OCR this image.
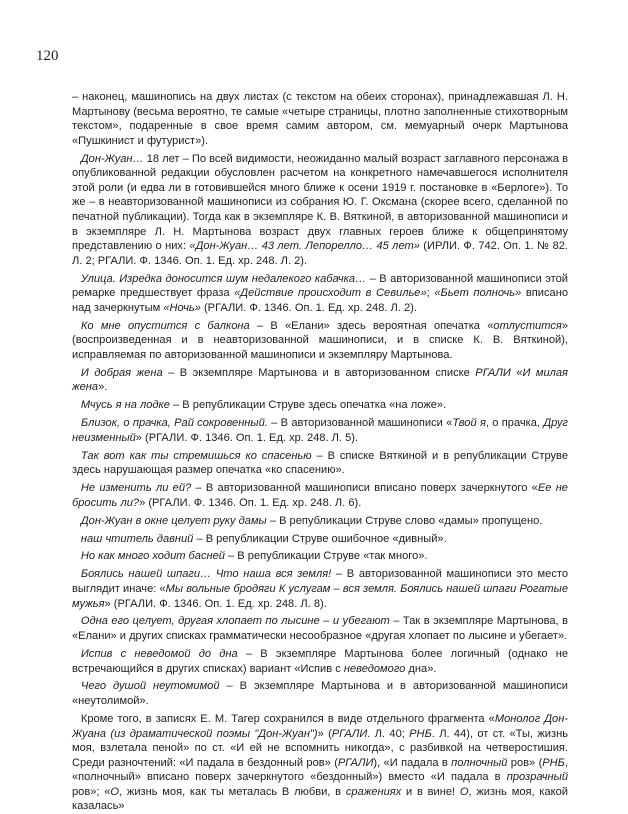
120

– наконец, машинопись на двух листах (с текстом на обеих сторонах), принадлежавшая Л. Н. Мартынову (весьма вероятно, те самые «четыре страницы, плотно заполненные стихотворным текстом», подаренные в свое время самим автором, см. мемуарный очерк Мартынова «Пушкинист и футурист»).

Дон-Жуан… 18 лет – По всей видимости, неожиданно малый возраст заглавного персонажа в опубликованной редакции обусловлен расчетом на конкретного намечавшегося исполнителя этой роли (и едва ли в готовившейся много ближе к осени 1919 г. постановке в «Берлоге»). То же – в неавторизованной машинописи из собрания Ю. Г. Оксмана (скорее всего, сделанной по печатной публикации). Тогда как в экземпляре К. В. Вяткиной, в авторизованной машинописи и в экземпляре Л. Н. Мартынова возраст двух главных героев ближе к общепринятому представлению о них: «Дон-Жуан… 43 лет. Лепорелло… 45 лет» (ИРЛИ. Ф. 742. Оп. 1. № 82. Л. 2; РГАЛИ. Ф. 1346. Оп. 1. Ед. хр. 248. Л. 2).

Улица. Изредка доносится шум недалекого кабачка… – В авторизованной машинописи этой ремарке предшествует фраза «Действие происходит в Севилье»; «Бьет полночь» вписано над зачеркнутым «Ночь» (РГАЛИ. Ф. 1346. Оп. 1. Ед. хр. 248. Л. 2).

Ко мне опустится с балкона – В «Елани» здесь вероятная опечатка «отлустится» (воспроизведенная и в неавторизованной машинописи, и в списке К. В. Вяткиной), исправляемая по авторизованной машинописи и экземпляру Мартынова.

И добрая жена – В экземпляре Мартынова и в авторизованном списке РГАЛИ «И милая жена».

Мчусь я на лодке – В републикации Струве здесь опечатка «на ложе».

Близок, о прачка, Рай сокровенный. – В авторизованной машинописи «Твой я, о прачка, Друг неизменный» (РГАЛИ. Ф. 1346. Оп. 1. Ед. хр. 248. Л. 5).

Так вот как ты стремишься ко спасенью – В списке Вяткиной и в републикации Струве здесь нарушающая размер опечатка «ко спасению».

Не изменить ли ей? – В авторизованной машинописи вписано поверх зачеркнутого «Ее не бросить ли?» (РГАЛИ. Ф. 1346. Оп. 1. Ед. хр. 248. Л. 6).

Дон-Жуан в окне целует руку дамы – В републикации Струве слово «дамы» пропущено.

наш чтитель давний – В републикации Струве ошибочное «дивный».

Но как много ходит басней – В републикации Струве «так много».

Боялись нашей шпаги… Что наша вся земля! – В авторизованной машинописи это место выглядит иначе: «Мы вольные бродяги К услугам – вся земля. Боялись нашей шпаги Рогатые мужья» (РГАЛИ. Ф. 1346. Оп. 1. Ед. хр. 248. Л. 8).

Одна его целует, другая хлопает по лысине – и убегают – Так в экземпляре Мартынова, в «Елани» и других списках грамматически несообразное «другая хлопает по лысине и убегает».

Испив с неведомой до дна – В экземпляре Мартынова более логичный (однако не встречающийся в других списках) вариант «Испив с неведомого дна».

Чего душой неутомимой – В экземпляре Мартынова и в авторизованной машинописи «неутолимой».

Кроме того, в записях Е. М. Тагер сохранился в виде отдельного фрагмента «Монолог Дон-Жуана (из драматической поэмы "Дон-Жуан")» (РГАЛИ. Л. 40; РНБ. Л. 44), от ст. «Ты, жизнь моя, взлетала пеной» по ст. «И ей не вспомнить никогда», с разбивкой на четверостишия. Среди разночтений: «И падала в бездонный ров» (РГАЛИ), «И падала в полночный ров» (РНБ, «полночный» вписано поверх зачеркнутого «бездонный») вместо «И падала в прозрачный ров»; «О, жизнь моя, как ты металась В любви, в сражениях и в вине! О, жизнь моя, какой казалась»
